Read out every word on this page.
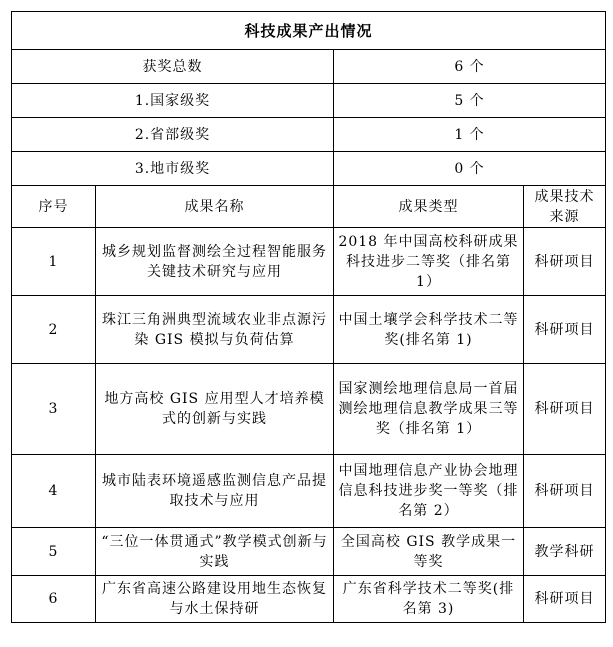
科技成果产出情况			
获奖总数		6 个	
1.国家级奖		5 个	
2.省部级奖		1 个	
3.地市级奖		0 个	
序号	成果名称	成果类型	成果技术来源
1	城乡规划监督测绘全过程智能服务关键技术研究与应用	2018 年中国高校科研成果科技进步二等奖（排名第 1）	科研项目
2	珠江三角洲典型流域农业非点源污染 GIS 模拟与负荷估算	中国土壤学会科学技术二等奖(排名第 1)	科研项目
3	地方高校 GIS 应用型人才培养模式的创新与实践	国家测绘地理信息局一首届测绘地理信息教学成果三等奖（排名第 1）	科研项目
4	城市陆表环境遥感监测信息产品提取技术与应用	中国地理信息产业协会地理信息科技进步奖一等奖（排名第 2）	科研项目
5	“三位一体贯通式”教学模式创新与实践	全国高校 GIS 教学成果一等奖	教学科研
6	广东省高速公路建设用地生态恢复与水土保持研	广东省科学技术二等奖(排名第 3)	科研项目
